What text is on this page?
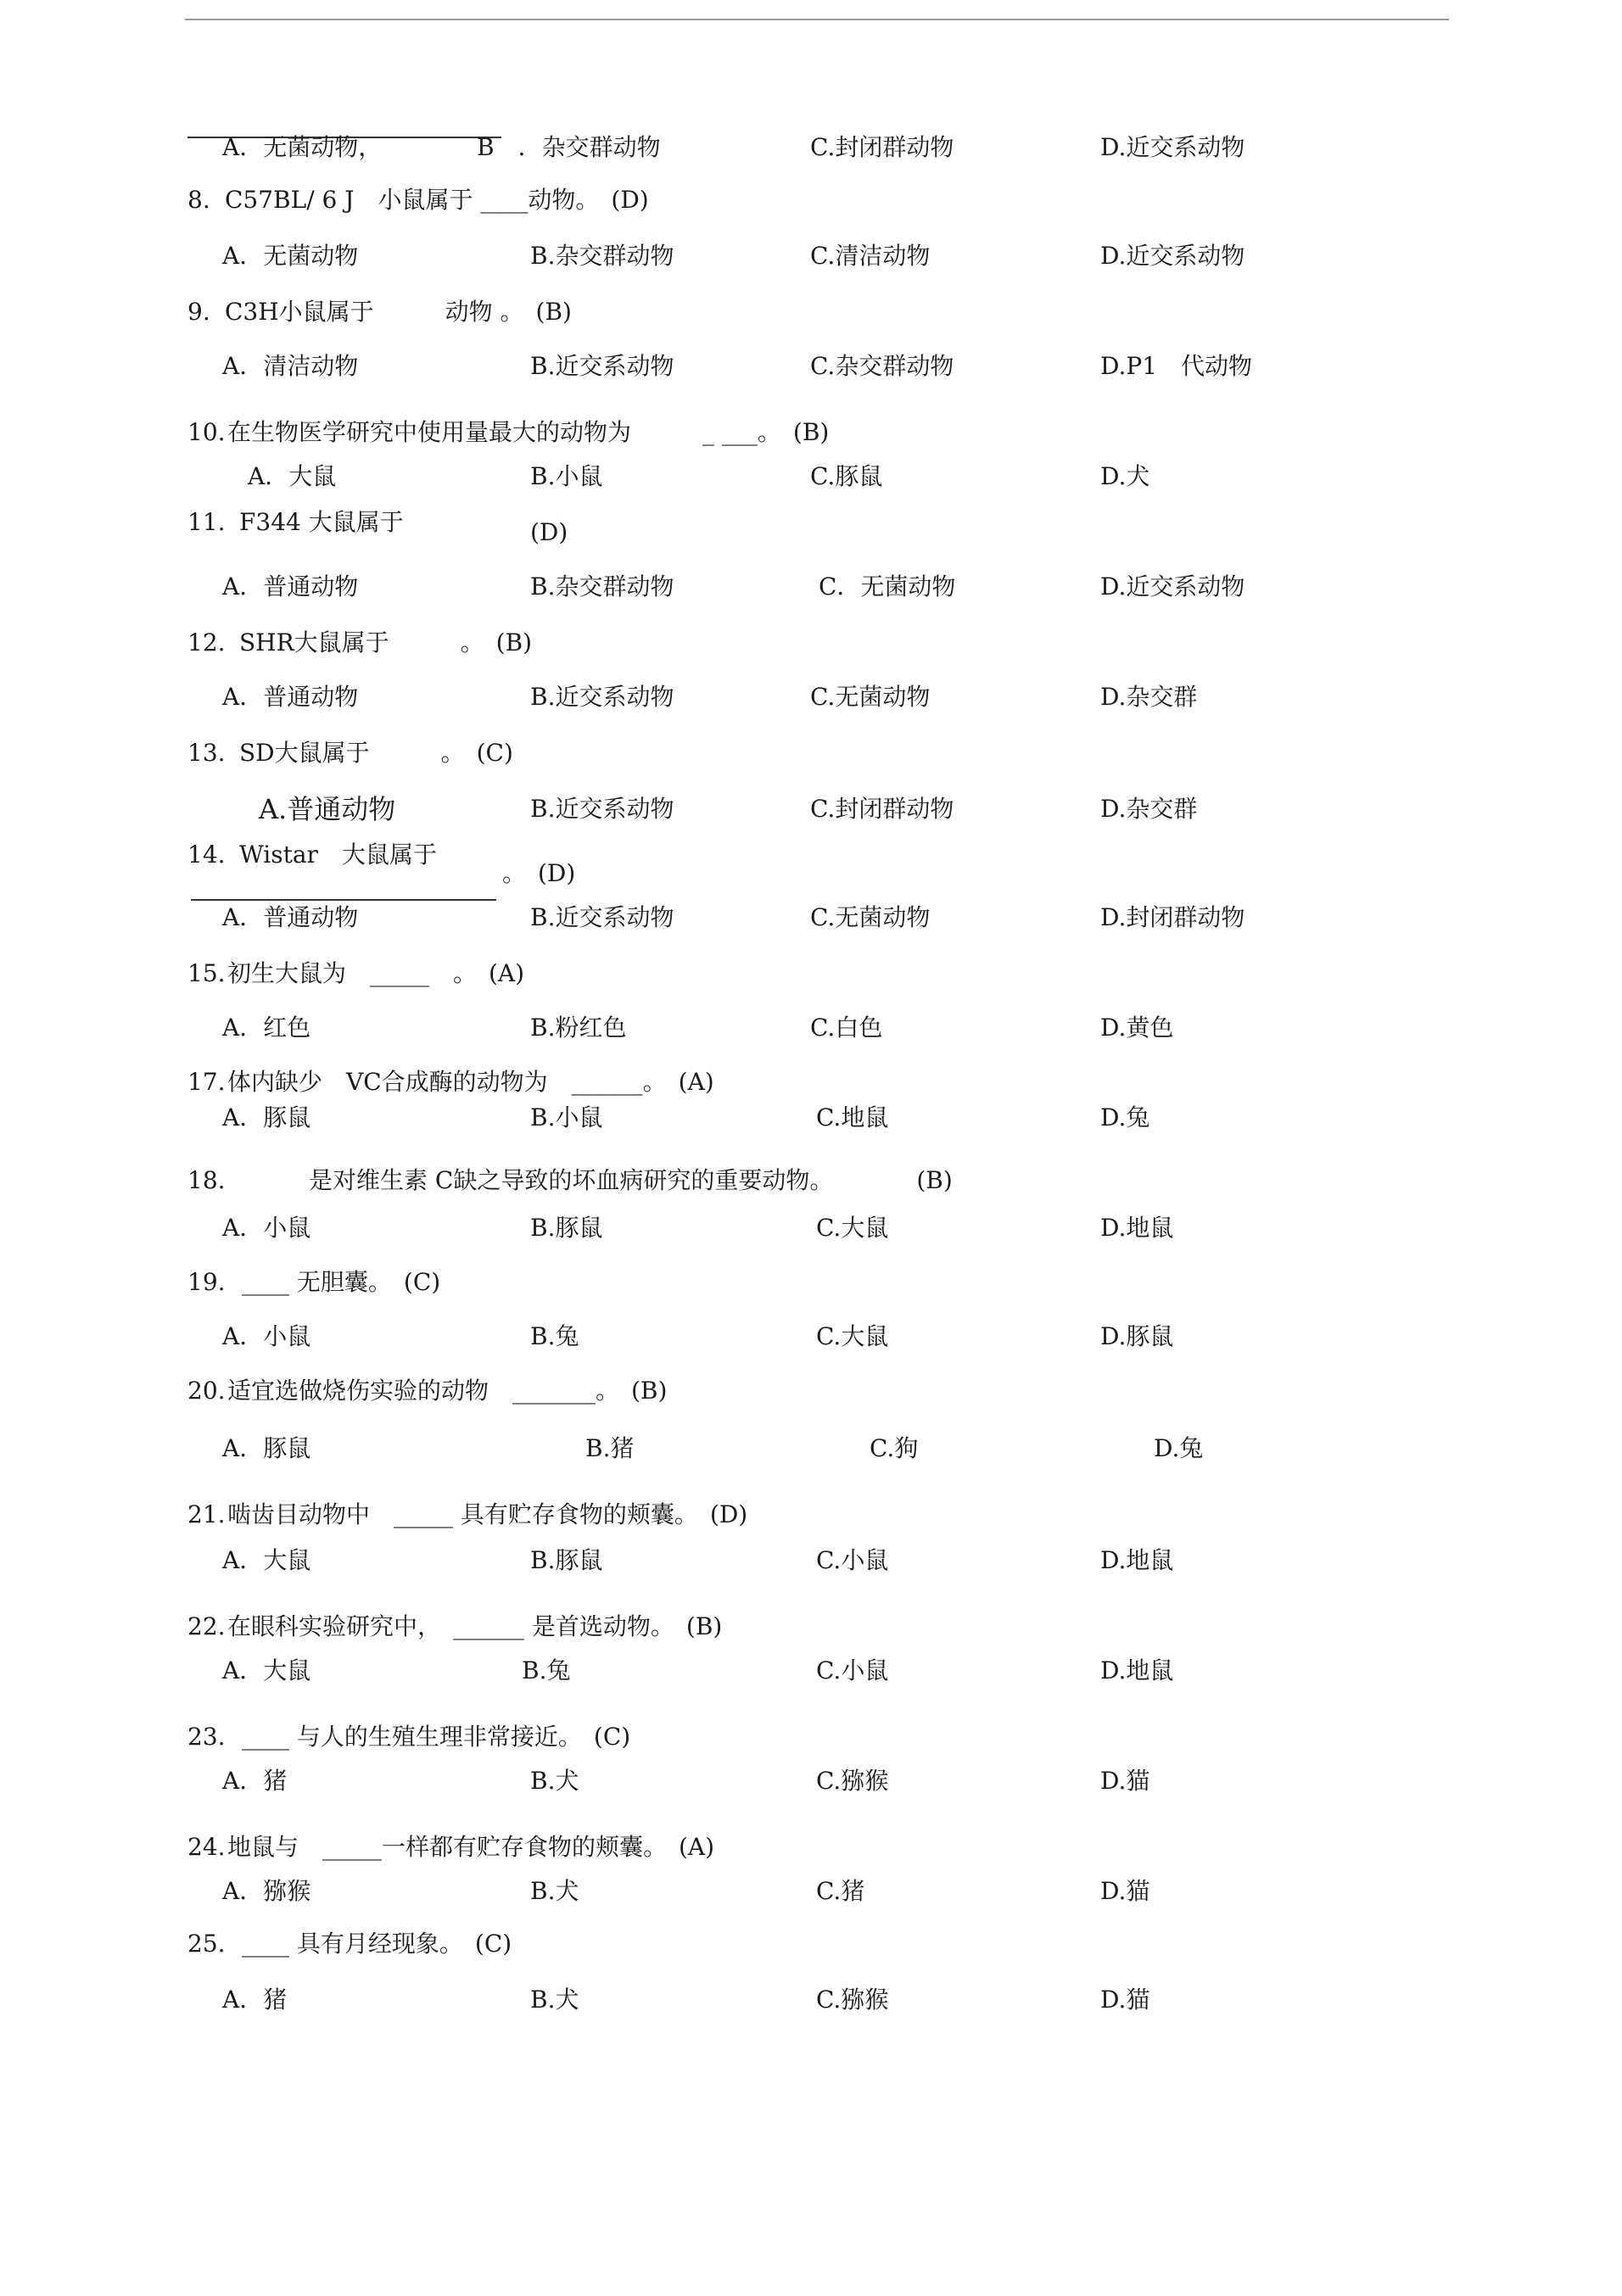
A．无菌动物，	B　．杂交群动物	C.封闭群动物	D.近交系动物
8. C57BL/ 6 J　小鼠属于 ____动物。　(D)
A．无菌动物	B.杂交群动物	C.清洁动物	D.近交系动物
9. C3H小鼠属于　　　动物 。　(B)
A．清洁动物	B.近交系动物	C.杂交群动物	D.P1　代动物
10. 在生物医学研究中使用量最大的动物为　　　_ ___。　(B)
A．大鼠	B.小鼠	C.豚鼠	D.犬
11. F344 大鼠属于	(D)
A．普通动物	B.杂交群动物	C．无菌动物	D.近交系动物
12. SHR大鼠属于　　　。　(B)
A．普通动物	B.近交系动物	C.无菌动物	D.杂交群
13. SD大鼠属于　　　。　(C)
A.普通动物	B.近交系动物	C.封闭群动物	D.杂交群
14. Wistar　大鼠属于
。　(D)
A．普通动物	B.近交系动物	C.无菌动物	D.封闭群动物
15. 初生大鼠为　_____　。　(A)
A．红色	B.粉红色	C.白色	D.黄色
17. 体内缺少　VC合成酶的动物为　______。　(A)
A．豚鼠	B.小鼠	C.地鼠	D.兔
18. 　　　是对维生素 C缺之导致的坏血病研究的重要动物。　　　　(B)
A．小鼠	B.豚鼠	C.大鼠	D.地鼠
19. ____ 无胆囊。　(C)
A．小鼠	B.兔	C.大鼠	D.豚鼠
20. 适宜选做烧伤实验的动物　_______。　(B)
A．豚鼠	B.猪	C.狗	D.兔
21. 啮齿目动物中　_____ 具有贮存食物的颊囊。　(D)
A．大鼠	B.豚鼠	C.小鼠	D.地鼠
22. 在眼科实验研究中，　______ 是首选动物。　(B)
A．大鼠	B.兔	C.小鼠	D.地鼠
23. ____ 与人的生殖生理非常接近。　(C)
A．猪	B.犬	C.猕猴	D.猫
24. 地鼠与　_____一样都有贮存食物的颊囊。　(A)
A．猕猴	B.犬	C.猪	D.猫
25. ____ 具有月经现象。　(C)
A．猪	B.犬	C.猕猴	D.猫
